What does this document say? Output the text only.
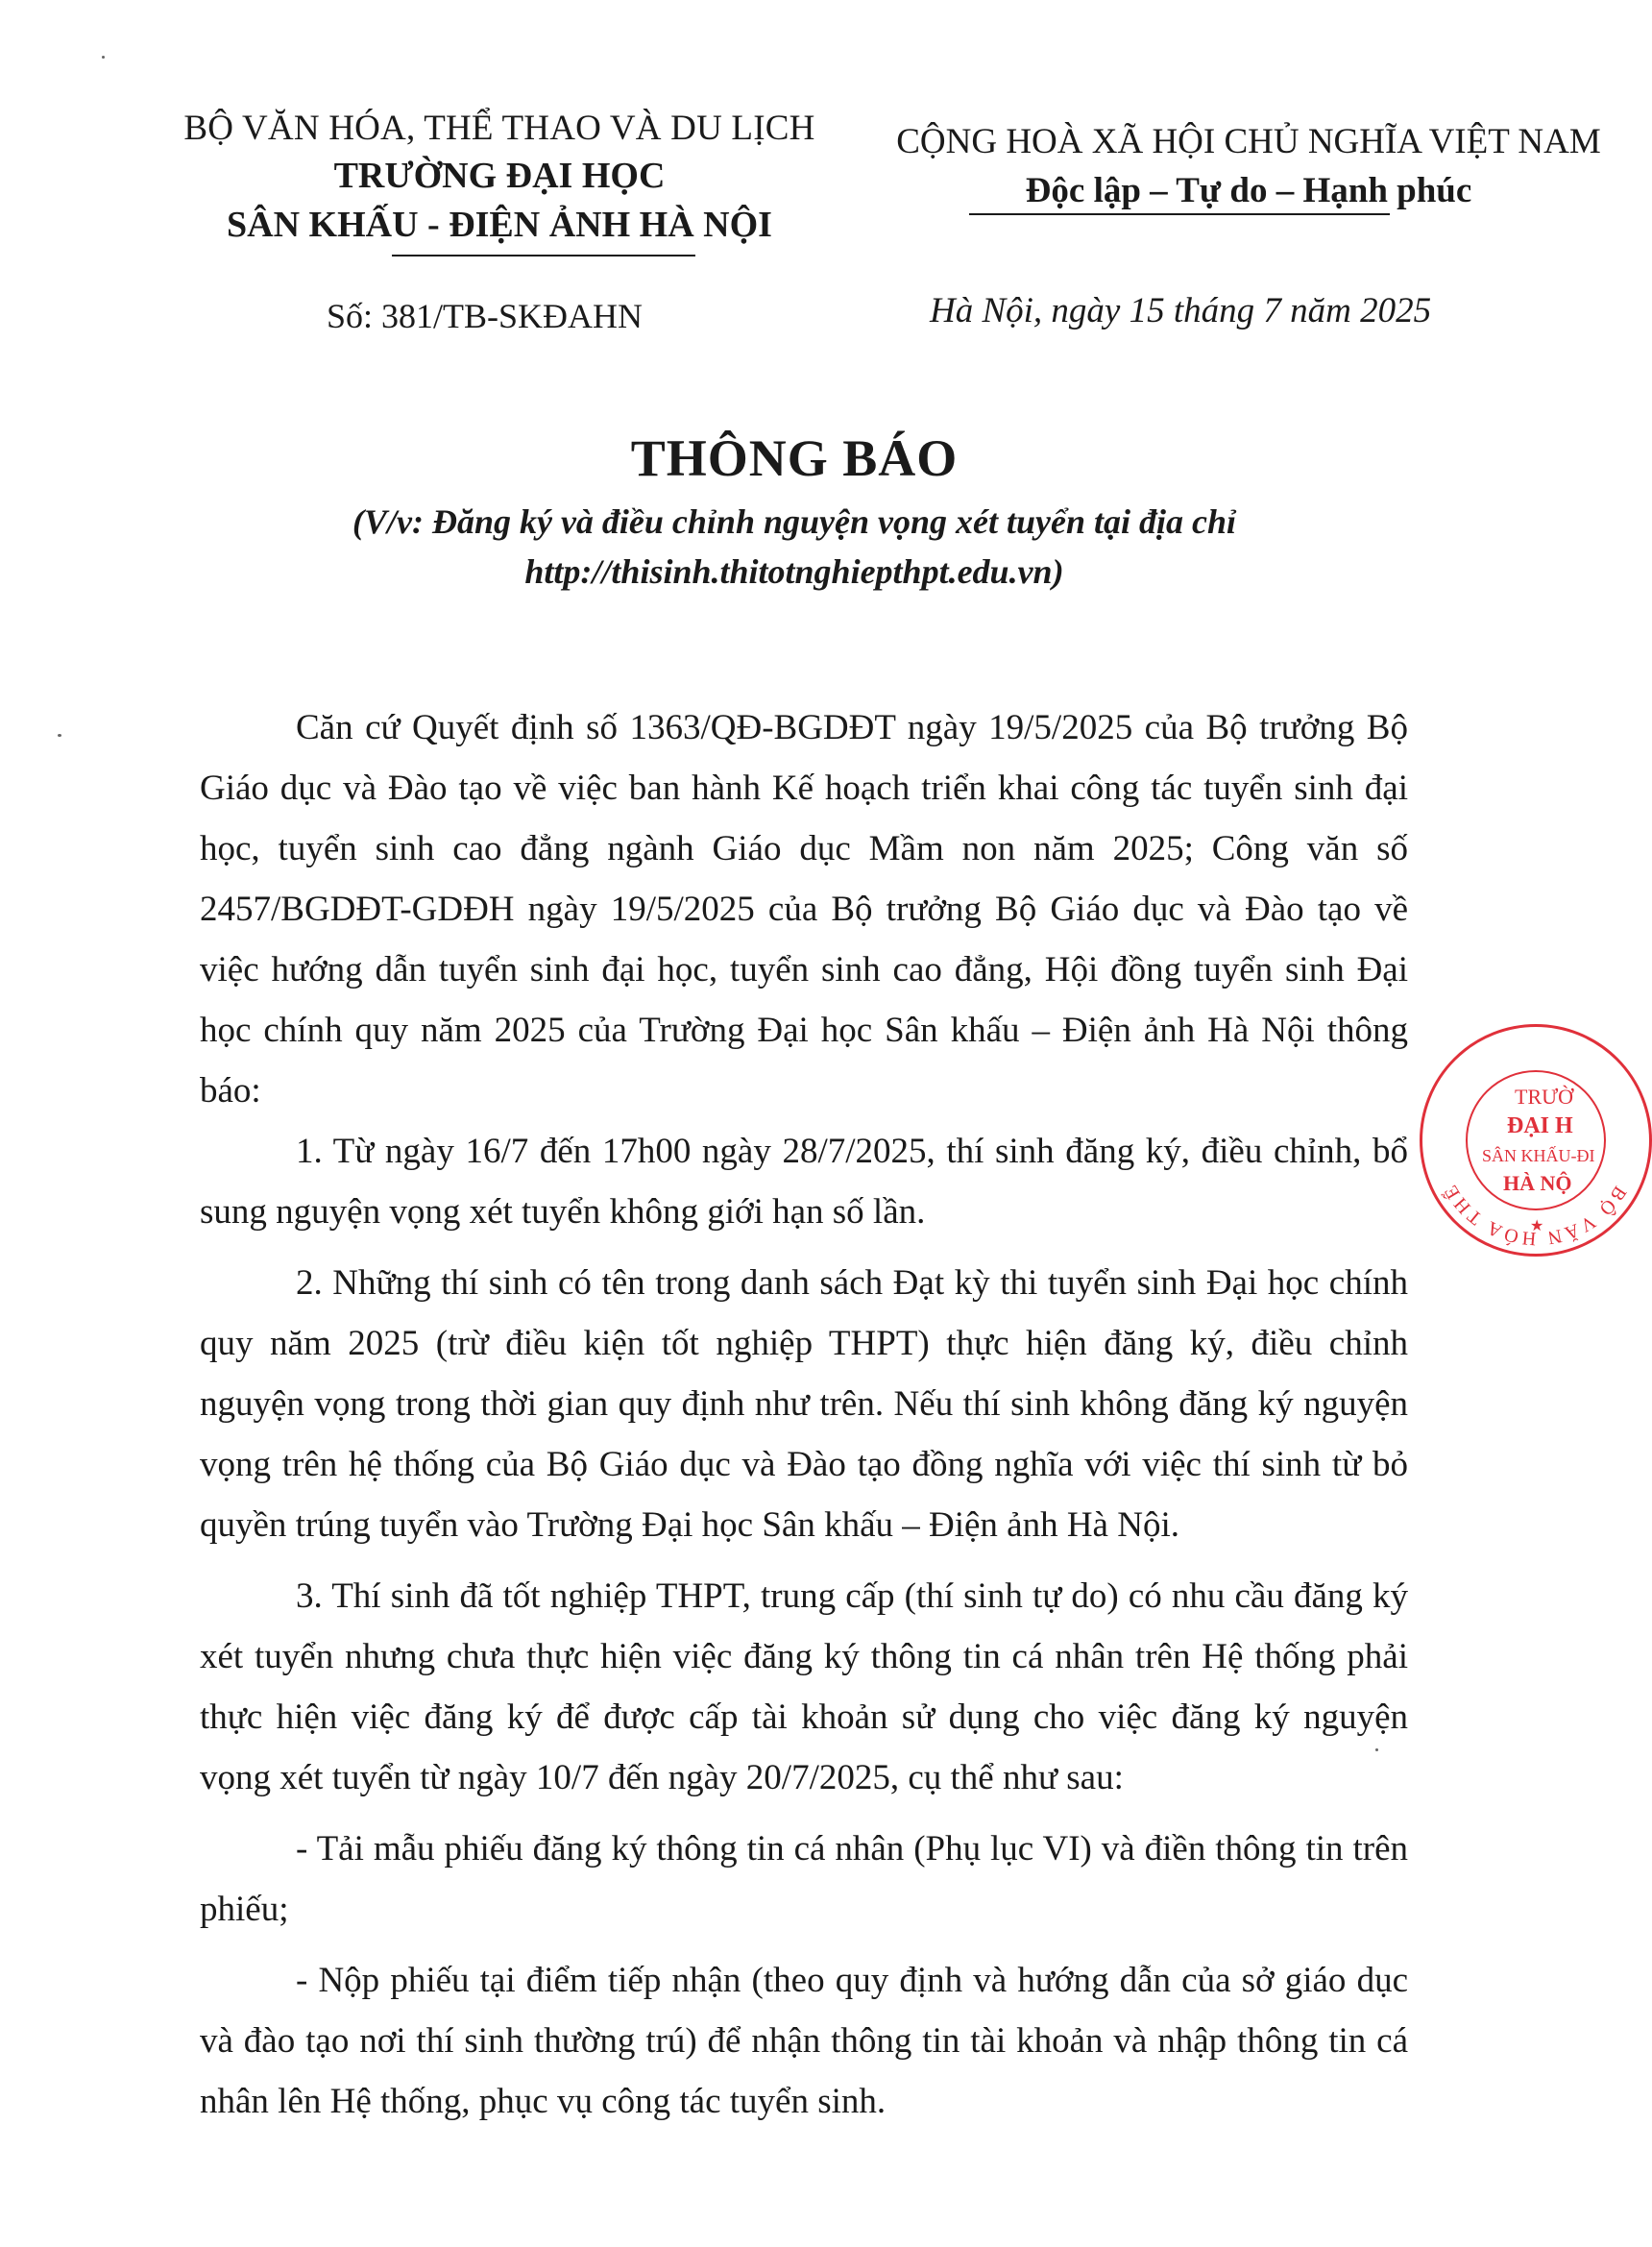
BỘ VĂN HÓA, THỂ THAO VÀ DU LỊCH
TRƯỜNG ĐẠI HỌC
SÂN KHẤU - ĐIỆN ẢNH HÀ NỘI
CỘNG HOÀ XÃ HỘI CHỦ NGHĨA VIỆT NAM
Độc lập – Tự do – Hạnh phúc
Số: 381/TB-SKĐAHN	Hà Nội, ngày 15 tháng 7 năm 2025
THÔNG BÁO
(V/v: Đăng ký và điều chỉnh nguyện vọng xét tuyển tại địa chỉ
http://thisinh.thitotnghiepthpt.edu.vn)

Căn cứ Quyết định số 1363/QĐ-BGDĐT ngày 19/5/2025 của Bộ trưởng Bộ Giáo dục và Đào tạo về việc ban hành Kế hoạch triển khai công tác tuyển sinh đại học, tuyển sinh cao đẳng ngành Giáo dục Mầm non năm 2025; Công văn số 2457/BGDĐT-GDĐH ngày 19/5/2025 của Bộ trưởng Bộ Giáo dục và Đào tạo về việc hướng dẫn tuyển sinh đại học, tuyển sinh cao đẳng, Hội đồng tuyển sinh Đại học chính quy năm 2025 của Trường Đại học Sân khấu – Điện ảnh Hà Nội thông báo:

1. Từ ngày 16/7 đến 17h00 ngày 28/7/2025, thí sinh đăng ký, điều chỉnh, bổ sung nguyện vọng xét tuyển không giới hạn số lần.

2. Những thí sinh có tên trong danh sách Đạt kỳ thi tuyển sinh Đại học chính quy năm 2025 (trừ điều kiện tốt nghiệp THPT) thực hiện đăng ký, điều chỉnh nguyện vọng trong thời gian quy định như trên. Nếu thí sinh không đăng ký nguyện vọng trên hệ thống của Bộ Giáo dục và Đào tạo đồng nghĩa với việc thí sinh từ bỏ quyền trúng tuyển vào Trường Đại học Sân khấu – Điện ảnh Hà Nội.

3. Thí sinh đã tốt nghiệp THPT, trung cấp (thí sinh tự do) có nhu cầu đăng ký xét tuyển nhưng chưa thực hiện việc đăng ký thông tin cá nhân trên Hệ thống phải thực hiện việc đăng ký để được cấp tài khoản sử dụng cho việc đăng ký nguyện vọng xét tuyển từ ngày 10/7 đến ngày 20/7/2025, cụ thể như sau:

- Tải mẫu phiếu đăng ký thông tin cá nhân (Phụ lục VI) và điền thông tin trên phiếu;

- Nộp phiếu tại điểm tiếp nhận (theo quy định và hướng dẫn của sở giáo dục và đào tạo nơi thí sinh thường trú) để nhận thông tin tài khoản và nhập thông tin cá nhân lên Hệ thống, phục vụ công tác tuyển sinh.

BỘ VĂN HÓA THỂ
TRƯỜ
ĐẠI H
SÂN KHẤU-ĐI
HÀ NỘ
★
